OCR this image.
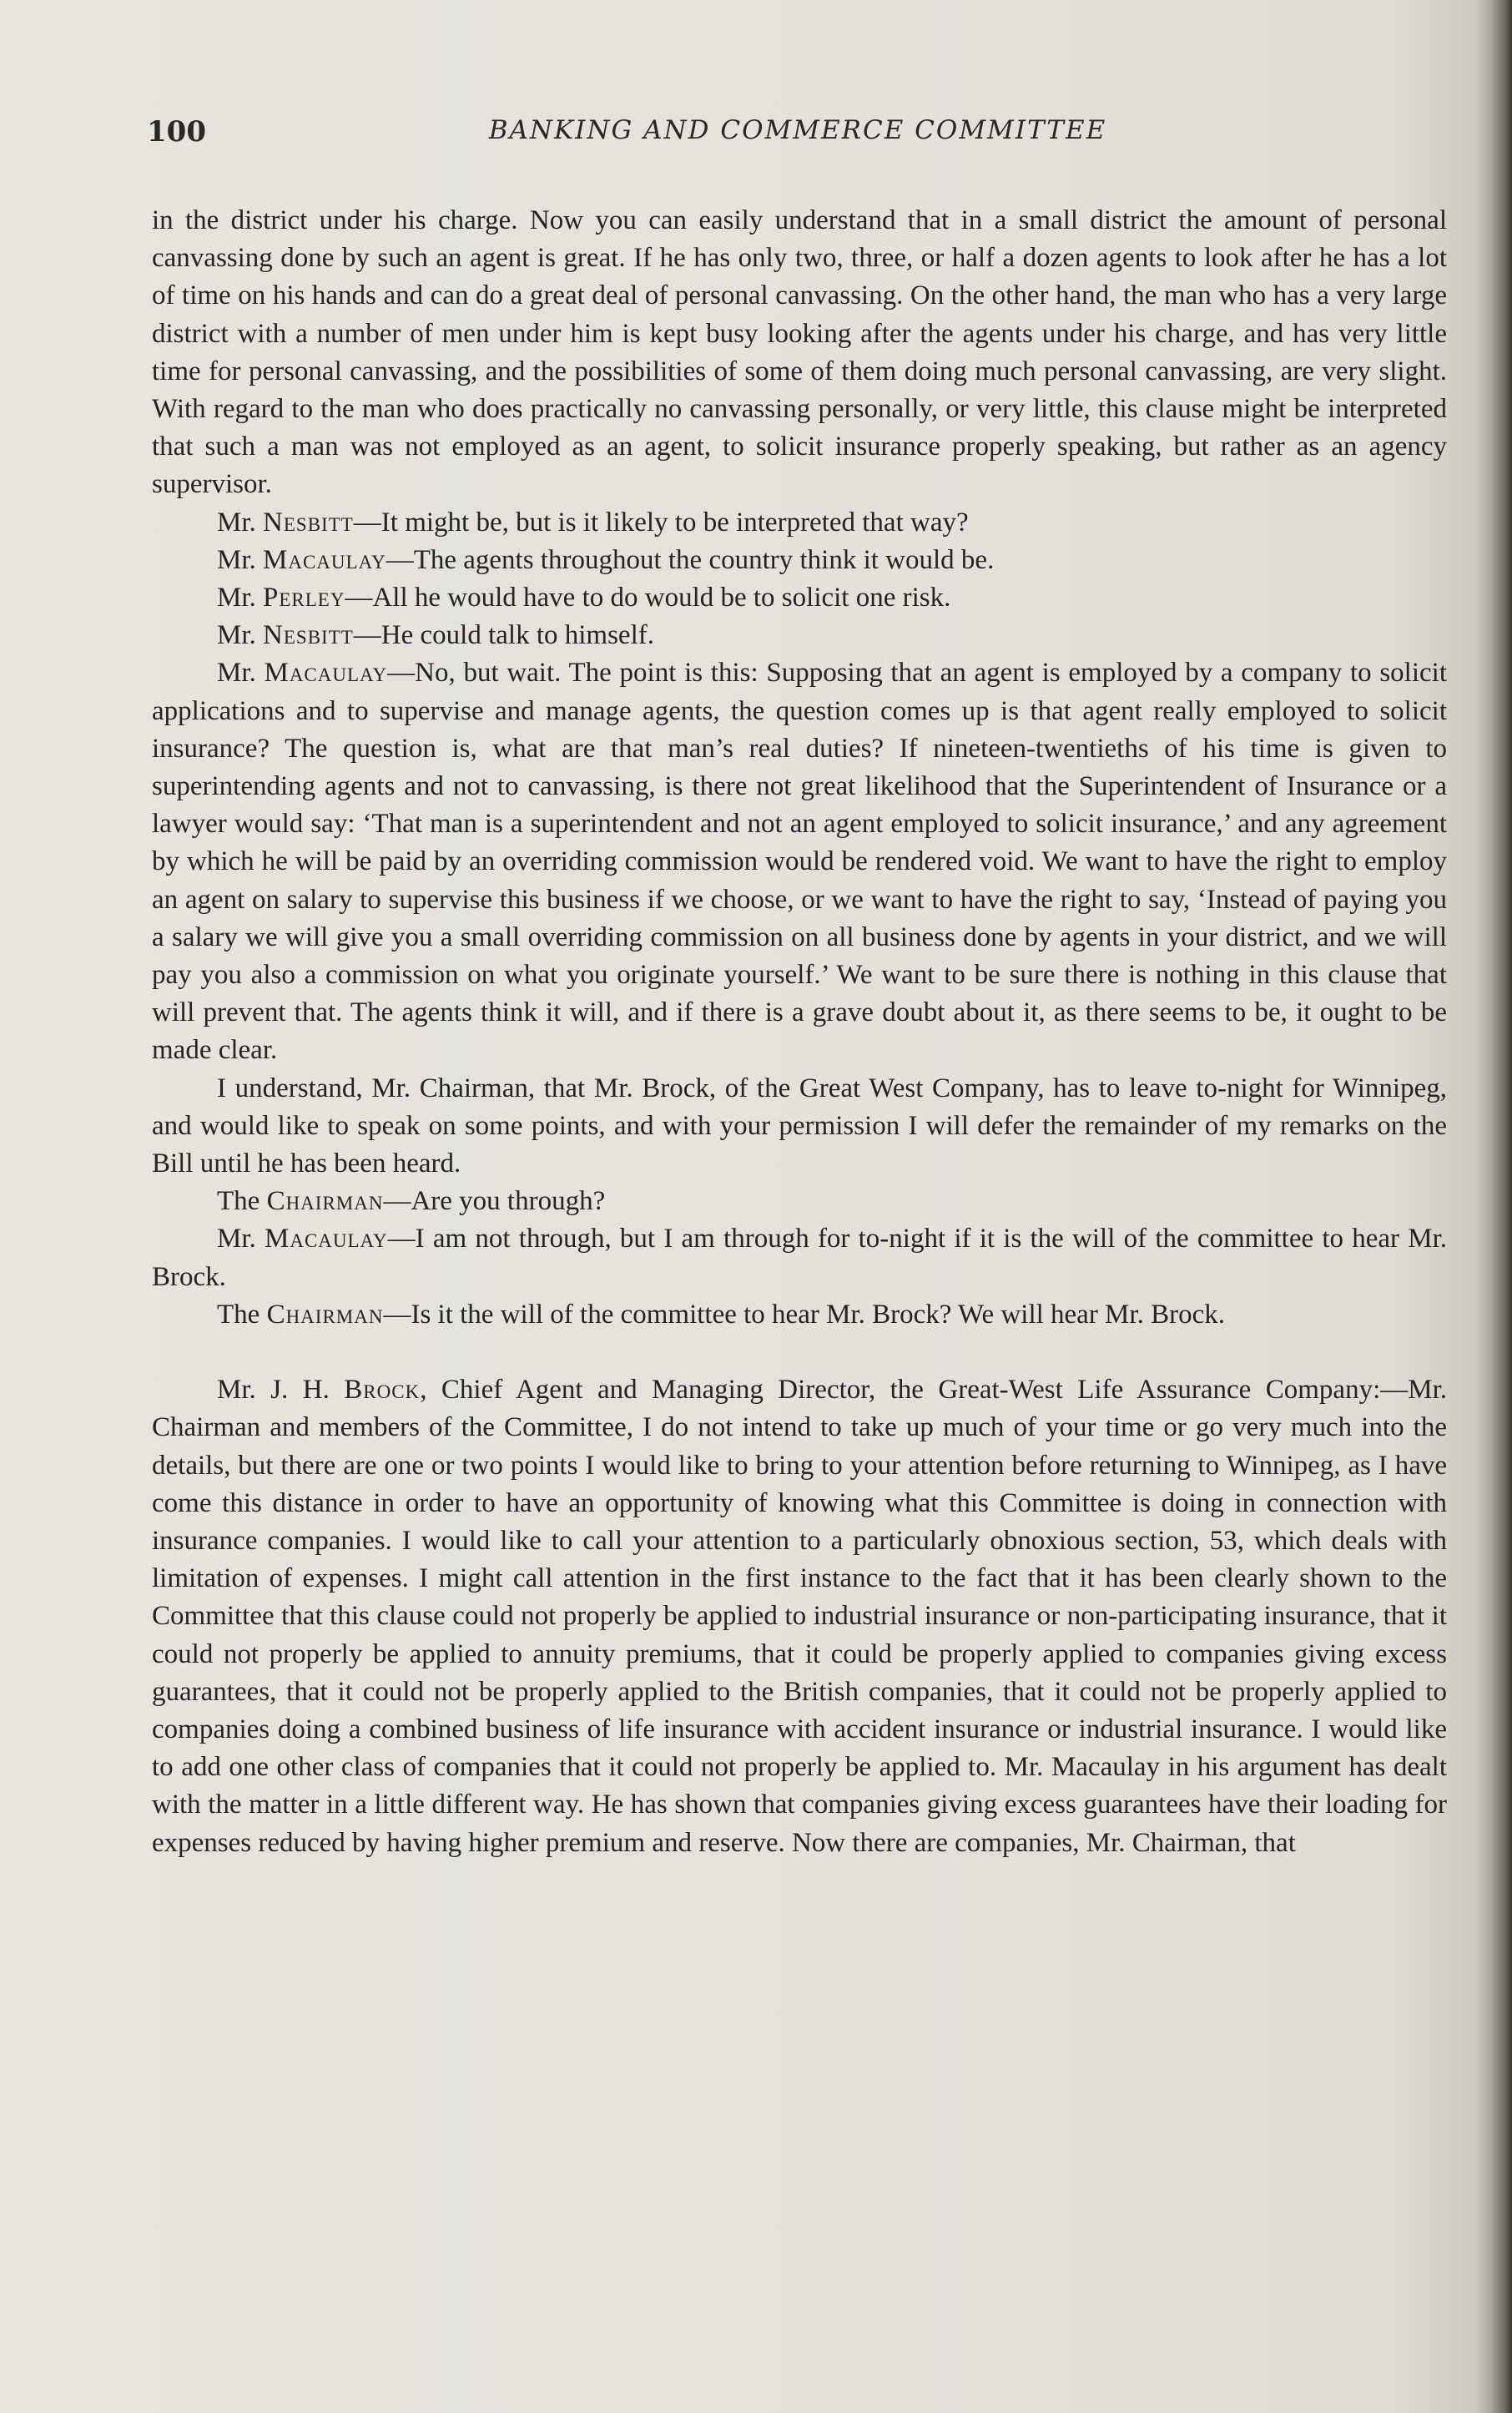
100	BANKING AND COMMERCE COMMITTEE

in the district under his charge. Now you can easily understand that in a small district the amount of personal canvassing done by such an agent is great. If he has only two, three, or half a dozen agents to look after he has a lot of time on his hands and can do a great deal of personal canvassing. On the other hand, the man who has a very large district with a number of men under him is kept busy looking after the agents under his charge, and has very little time for personal canvassing, and the possibilities of some of them doing much personal canvassing, are very slight. With regard to the man who does practically no canvassing personally, or very little, this clause might be interpreted that such a man was not employed as an agent, to solicit insurance properly speaking, but rather as an agency supervisor.

Mr. Nesbitt—It might be, but is it likely to be interpreted that way?

Mr. Macaulay—The agents throughout the country think it would be.

Mr. Perley—All he would have to do would be to solicit one risk.

Mr. Nesbitt—He could talk to himself.

Mr. Macaulay—No, but wait. The point is this: Supposing that an agent is employed by a company to solicit applications and to supervise and manage agents, the question comes up is that agent really employed to solicit insurance? The question is, what are that man’s real duties? If nineteen-twentieths of his time is given to superintending agents and not to canvassing, is there not great likelihood that the Superintendent of Insurance or a lawyer would say: ‘That man is a superintendent and not an agent employed to solicit insurance,’ and any agreement by which he will be paid by an overriding commission would be rendered void. We want to have the right to employ an agent on salary to supervise this business if we choose, or we want to have the right to say, ‘Instead of paying you a salary we will give you a small overriding commission on all business done by agents in your district, and we will pay you also a commission on what you originate yourself.’ We want to be sure there is nothing in this clause that will prevent that. The agents think it will, and if there is a grave doubt about it, as there seems to be, it ought to be made clear.

I understand, Mr. Chairman, that Mr. Brock, of the Great West Company, has to leave to-night for Winnipeg, and would like to speak on some points, and with your permission I will defer the remainder of my remarks on the Bill until he has been heard.

The Chairman—Are you through?

Mr. Macaulay—I am not through, but I am through for to-night if it is the will of the committee to hear Mr. Brock.

The Chairman—Is it the will of the committee to hear Mr. Brock? We will hear Mr. Brock.

Mr. J. H. Brock, Chief Agent and Managing Director, the Great-West Life Assurance Company:—Mr. Chairman and members of the Committee, I do not intend to take up much of your time or go very much into the details, but there are one or two points I would like to bring to your attention before returning to Winnipeg, as I have come this distance in order to have an opportunity of knowing what this Committee is doing in connection with insurance companies. I would like to call your attention to a particularly obnoxious section, 53, which deals with limitation of expenses. I might call attention in the first instance to the fact that it has been clearly shown to the Committee that this clause could not properly be applied to industrial insurance or non-participating insurance, that it could not properly be applied to annuity premiums, that it could be properly applied to companies giving excess guarantees, that it could not be properly applied to the British companies, that it could not be properly applied to companies doing a combined business of life insurance with accident insurance or industrial insurance. I would like to add one other class of companies that it could not properly be applied to. Mr. Macaulay in his argument has dealt with the matter in a little different way. He has shown that companies giving excess guarantees have their loading for expenses reduced by having higher premium and reserve. Now there are companies, Mr. Chairman, that
